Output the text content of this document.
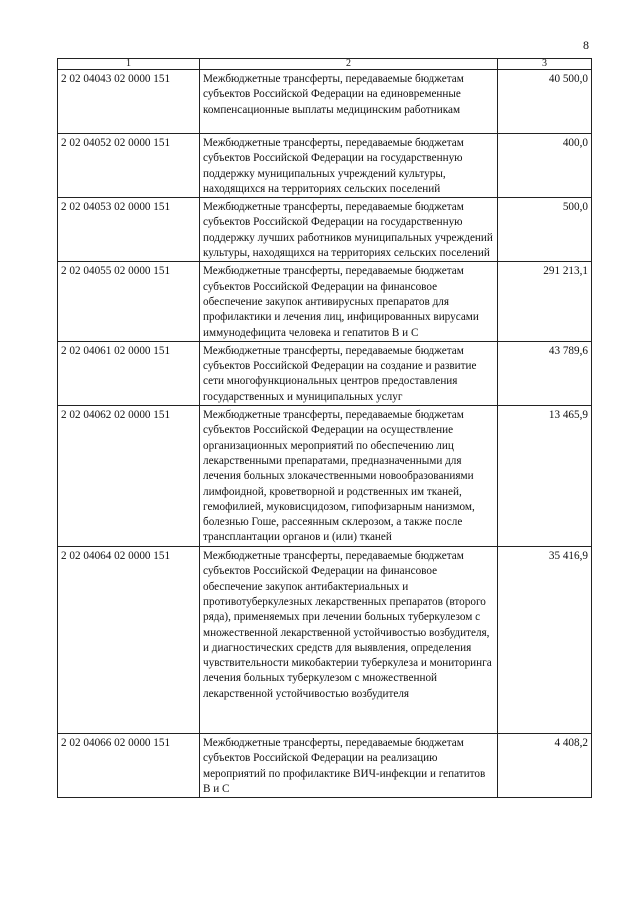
8
1	2	3
2 02 04043 02 0000 151	Межбюджетные трансферты, передаваемые бюджетам субъектов Российской Федерации на единовременные компенсационные выплаты медицинским работникам	40 500,0
2 02 04052 02 0000 151	Межбюджетные трансферты, передаваемые бюджетам субъектов Российской Федерации на государственную поддержку муниципальных учреждений культуры, находящихся на территориях сельских поселений	400,0
2 02 04053 02 0000 151	Межбюджетные трансферты, передаваемые бюджетам субъектов Российской Федерации на государственную поддержку лучших работников муниципальных учреждений культуры, находящихся на территориях сельских поселений	500,0
2 02 04055 02 0000 151	Межбюджетные трансферты, передаваемые бюджетам субъектов Российской Федерации на финансовое обеспечение закупок антивирусных препаратов для профилактики и лечения лиц, инфицированных вирусами иммунодефицита человека и гепатитов В и С	291 213,1
2 02 04061 02 0000 151	Межбюджетные трансферты, передаваемые бюджетам субъектов Российской Федерации на создание и развитие сети многофункциональных центров предоставления государственных и муниципальных услуг	43 789,6
2 02 04062 02 0000 151	Межбюджетные трансферты, передаваемые бюджетам субъектов Российской Федерации на осуществление организационных мероприятий по обеспечению лиц лекарственными препаратами, предназначенными для лечения больных злокачественными новообразованиями лимфоидной, кроветворной и родственных им тканей, гемофилией, муковисцидозом, гипофизарным нанизмом, болезнью Гоше, рассеянным склерозом, а также после трансплантации органов и (или) тканей	13 465,9
2 02 04064 02 0000 151	Межбюджетные трансферты, передаваемые бюджетам субъектов Российской Федерации на финансовое обеспечение закупок антибактериальных и противотуберкулезных лекарственных препаратов (второго ряда), применяемых при лечении больных туберкулезом с множественной лекарственной устойчивостью возбудителя, и диагностических средств для выявления, определения чувствительности микобактерии туберкулеза и мониторинга лечения больных туберкулезом с множественной лекарственной устойчивостью возбудителя	35 416,9
2 02 04066 02 0000 151	Межбюджетные трансферты, передаваемые бюджетам субъектов Российской Федерации на реализацию мероприятий по профилактике ВИЧ-инфекции и гепатитов В и С	4 408,2
